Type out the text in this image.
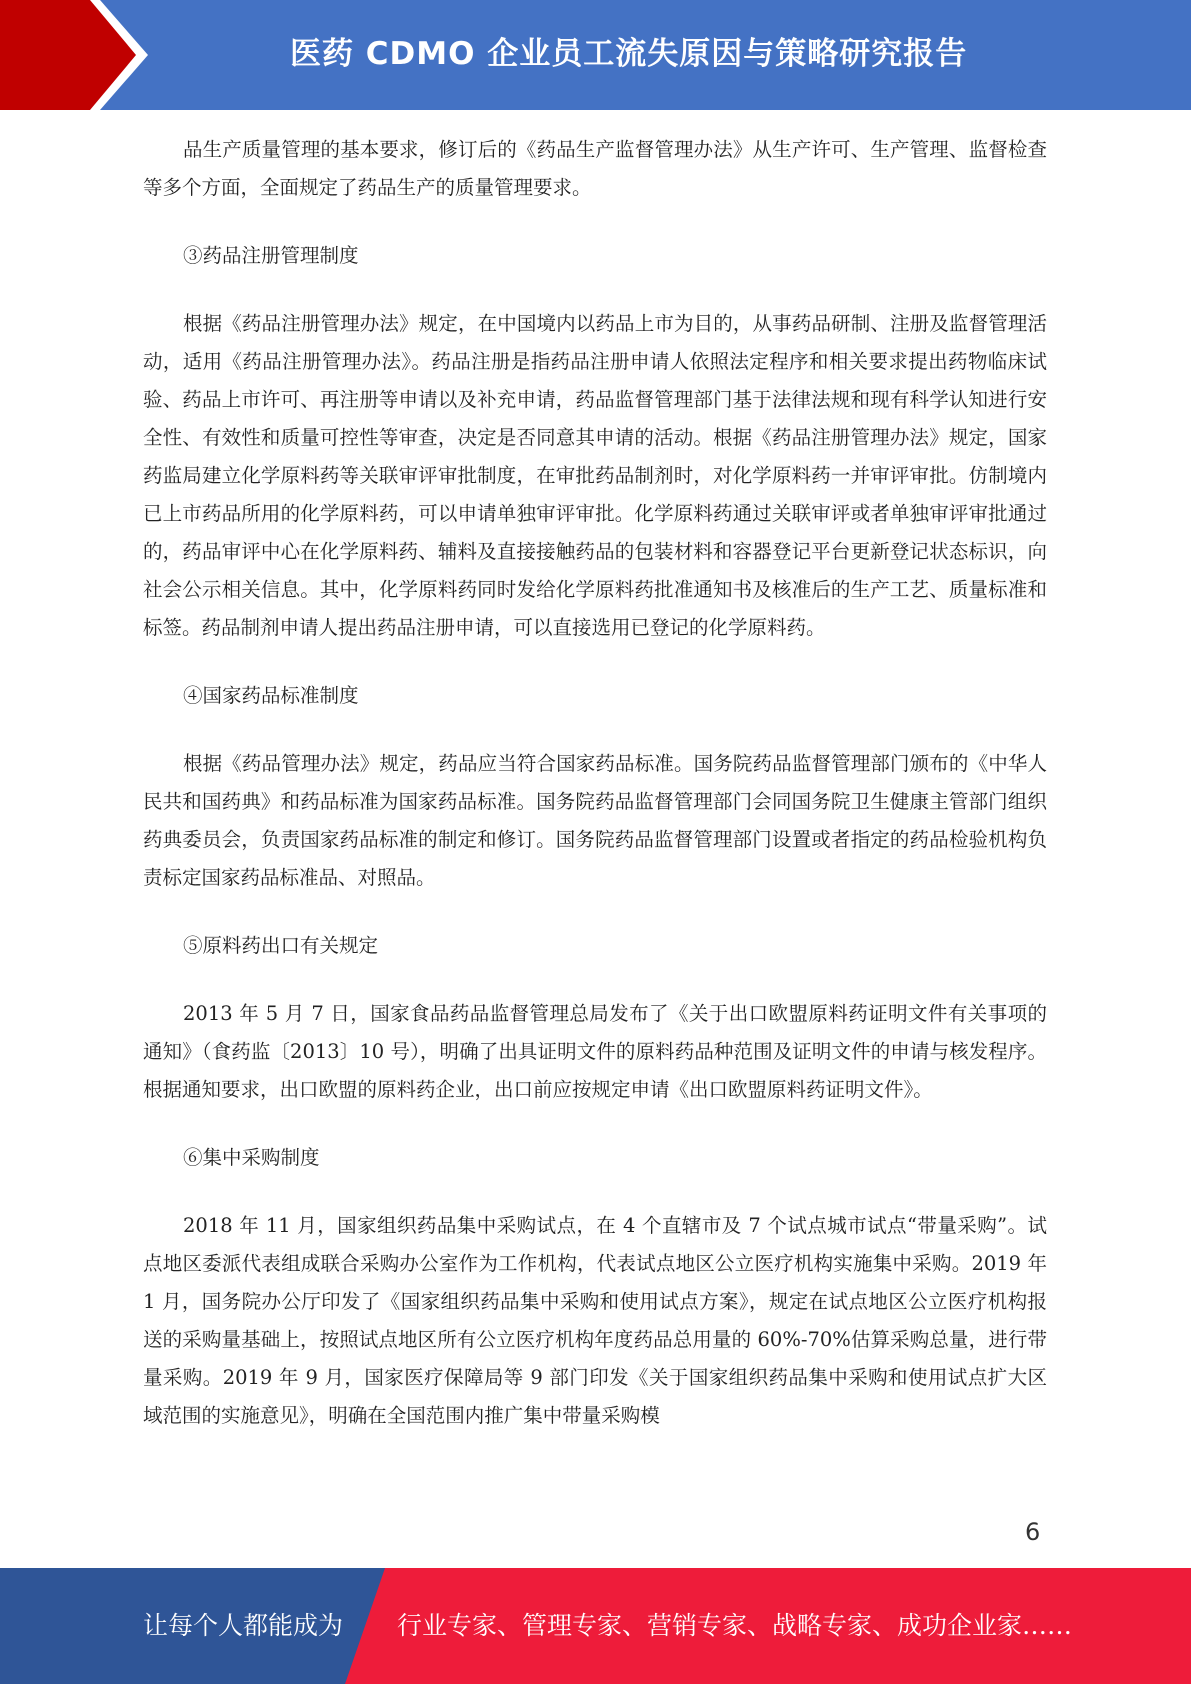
医药 CDMO 企业员工流失原因与策略研究报告

品生产质量管理的基本要求，修订后的《药品生产监督管理办法》从生产许可、生产管理、监督检查等多个方面，全面规定了药品生产的质量管理要求。

③药品注册管理制度

根据《药品注册管理办法》规定，在中国境内以药品上市为目的，从事药品研制、注册及监督管理活动，适用《药品注册管理办法》。药品注册是指药品注册申请人依照法定程序和相关要求提出药物临床试验、药品上市许可、再注册等申请以及补充申请，药品监督管理部门基于法律法规和现有科学认知进行安全性、有效性和质量可控性等审查，决定是否同意其申请的活动。根据《药品注册管理办法》规定，国家药监局建立化学原料药等关联审评审批制度，在审批药品制剂时，对化学原料药一并审评审批。仿制境内已上市药品所用的化学原料药，可以申请单独审评审批。化学原料药通过关联审评或者单独审评审批通过的，药品审评中心在化学原料药、辅料及直接接触药品的包装材料和容器登记平台更新登记状态标识，向社会公示相关信息。其中，化学原料药同时发给化学原料药批准通知书及核准后的生产工艺、质量标准和标签。药品制剂申请人提出药品注册申请，可以直接选用已登记的化学原料药。

④国家药品标准制度

根据《药品管理办法》规定，药品应当符合国家药品标准。国务院药品监督管理部门颁布的《中华人民共和国药典》和药品标准为国家药品标准。国务院药品监督管理部门会同国务院卫生健康主管部门组织药典委员会，负责国家药品标准的制定和修订。国务院药品监督管理部门设置或者指定的药品检验机构负责标定国家药品标准品、对照品。

⑤原料药出口有关规定

2013 年 5 月 7 日，国家食品药品监督管理总局发布了《关于出口欧盟原料药证明文件有关事项的通知》（食药监〔2013〕10 号），明确了出具证明文件的原料药品种范围及证明文件的申请与核发程序。根据通知要求，出口欧盟的原料药企业，出口前应按规定申请《出口欧盟原料药证明文件》。

⑥集中采购制度

2018 年 11 月，国家组织药品集中采购试点，在 4 个直辖市及 7 个试点城市试点“带量采购”。试点地区委派代表组成联合采购办公室作为工作机构，代表试点地区公立医疗机构实施集中采购。2019 年 1 月，国务院办公厅印发了《国家组织药品集中采购和使用试点方案》，规定在试点地区公立医疗机构报送的采购量基础上，按照试点地区所有公立医疗机构年度药品总用量的 60%-70%估算采购总量，进行带量采购。2019 年 9 月，国家医疗保障局等 9 部门印发《关于国家组织药品集中采购和使用试点扩大区域范围的实施意见》，明确在全国范围内推广集中带量采购模

6
让每个人都能成为 行业专家、管理专家、营销专家、战略专家、成功企业家……
